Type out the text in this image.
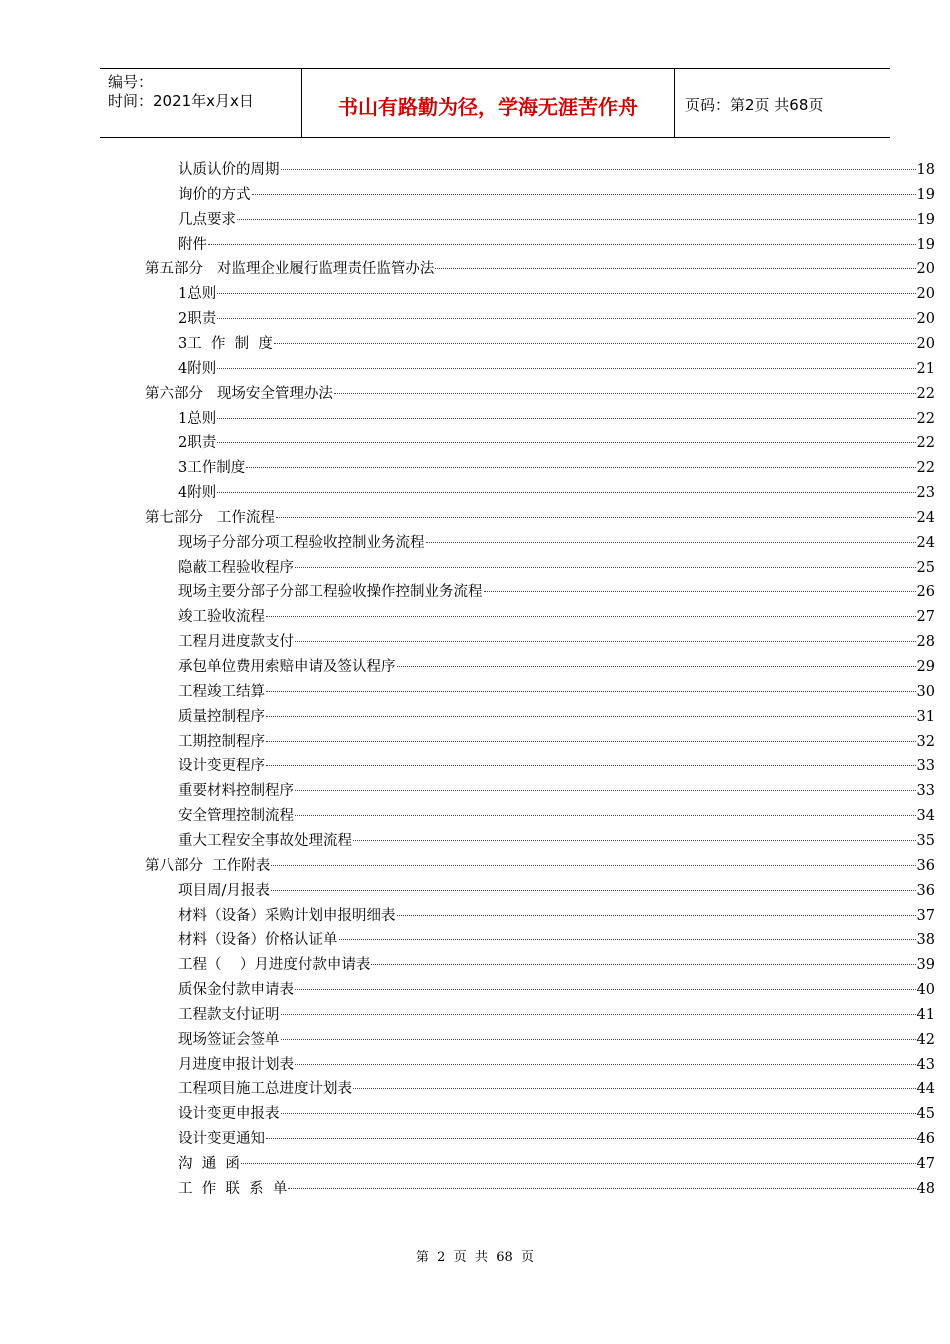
编号：
时间：2021年x月x日	书山有路勤为径，学海无涯苦作舟	页码：第2页 共68页
认质认价的周期	18
询价的方式	19
几点要求	19
附件	19
第五部分   对监理企业履行监理责任监管办法	20
1总则	20
2职责	20
3工  作  制  度	20
4附则	21
第六部分   现场安全管理办法	22
1总则	22
2职责	22
3工作制度	22
4附则	23
第七部分   工作流程	24
现场子分部分项工程验收控制业务流程	24
隐蔽工程验收程序	25
现场主要分部子分部工程验收操作控制业务流程	26
竣工验收流程	27
工程月进度款支付	28
承包单位费用索赔申请及签认程序	29
工程竣工结算	30
质量控制程序	31
工期控制程序	32
设计变更程序	33
重要材料控制程序	33
安全管理控制流程	34
重大工程安全事故处理流程	35
第八部分  工作附表	36
项目周/月报表	36
材料（设备）采购计划申报明细表	37
材料（设备）价格认证单	38
工程（    ）月进度付款申请表	39
质保金付款申请表	40
工程款支付证明	41
现场签证会签单	42
月进度申报计划表	43
工程项目施工总进度计划表	44
设计变更申报表	45
设计变更通知	46
沟  通  函	47
工  作  联  系  单	48
第  2  页  共  68  页
